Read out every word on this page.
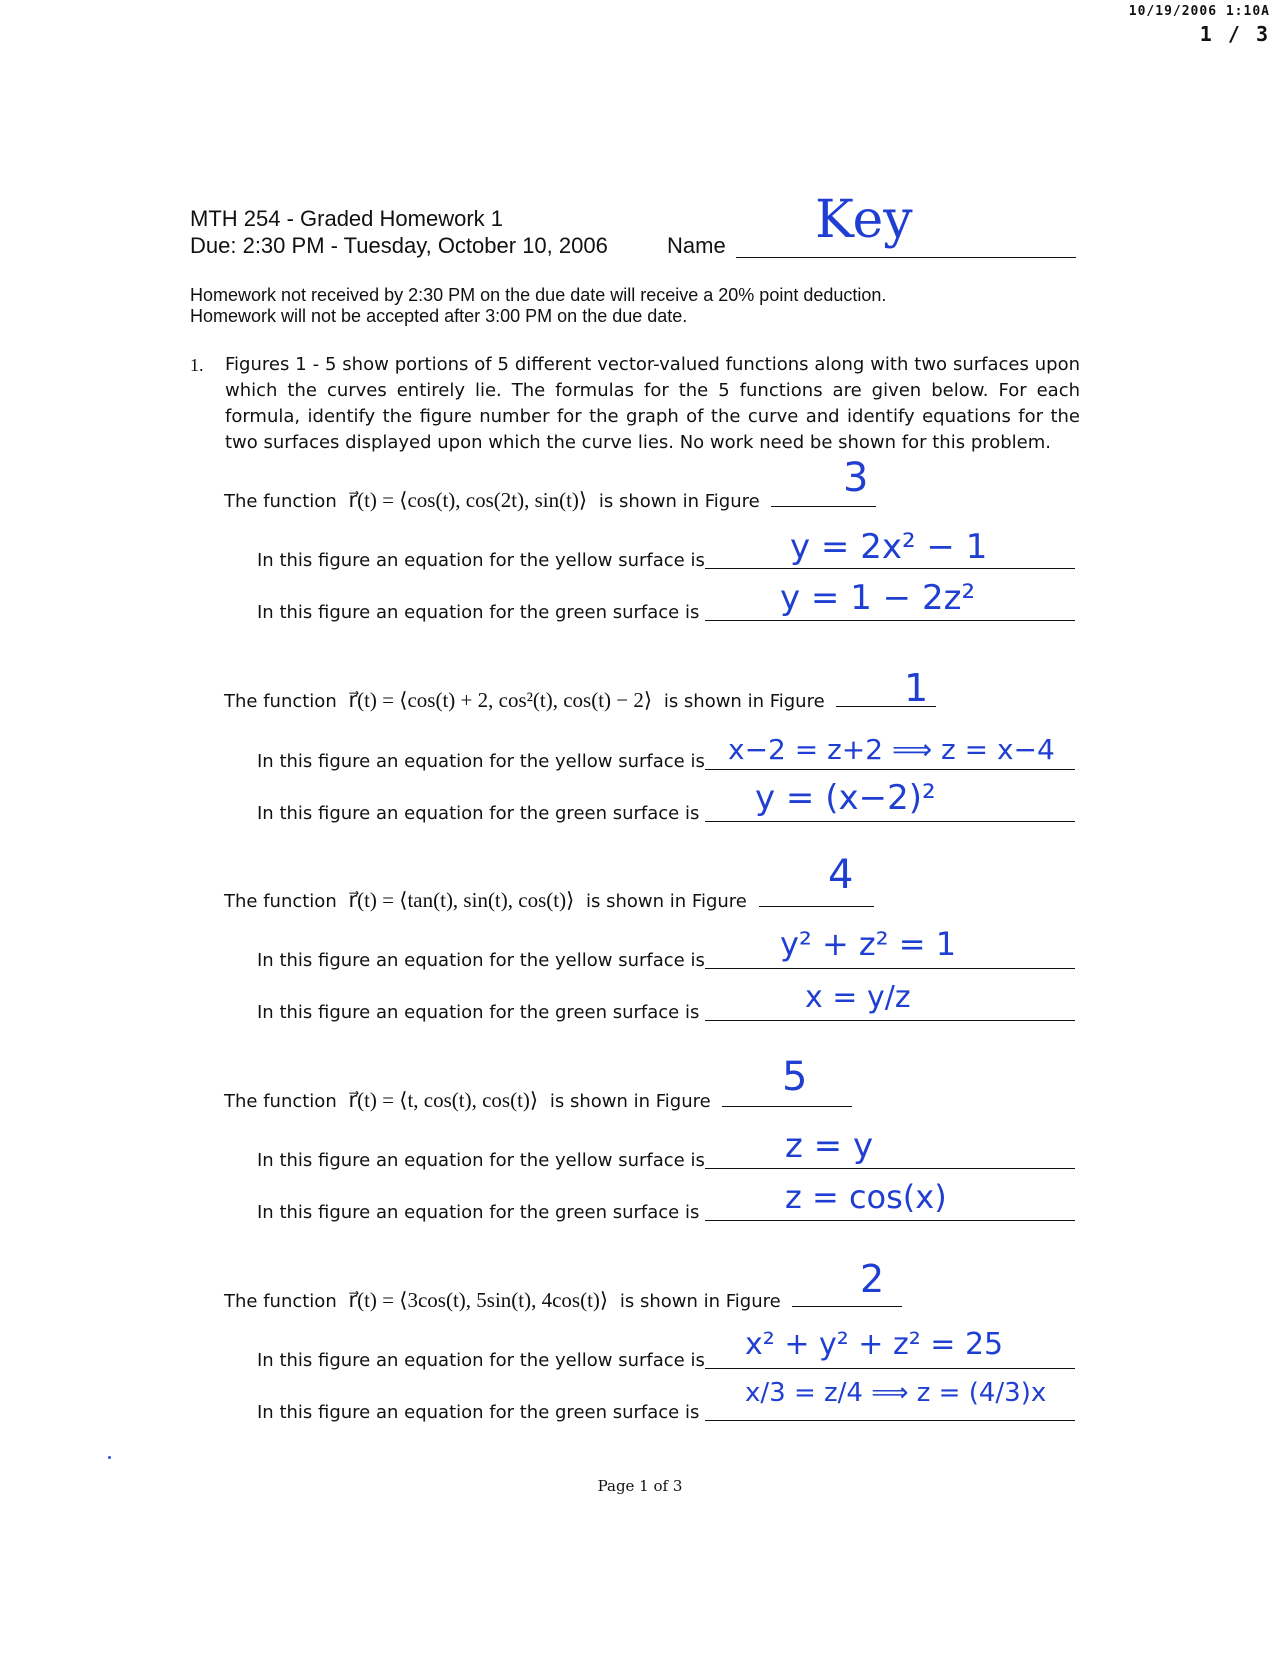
10/19/2006 1:10A
1 / 3
MTH 254 - Graded Homework 1
Due: 2:30 PM - Tuesday, October 10, 2006	Name Key
Homework not received by 2:30 PM on the due date will receive a 20% point deduction.
Homework will not be accepted after 3:00 PM on the due date.
1. Figures 1 - 5 show portions of 5 different vector-valued functions along with two surfaces upon which the curves entirely lie. The formulas for the 5 functions are given below. For each formula, identify the figure number for the graph of the curve and identify equations for the two surfaces displayed upon which the curve lies. No work need be shown for this problem.
The function r⃗(t) = ⟨cos(t), cos(2t), sin(t)⟩ is shown in Figure
3
In this figure an equation for the yellow surface is	y = 2x² − 1
In this figure an equation for the green surface is y = 1 − 2z²
The function r⃗(t) = ⟨cos(t) + 2, cos²(t), cos(t) − 2⟩ is shown in Figure	1
In this figure an equation for the yellow surface is x−2 = z+2 ⟹ z = x−4
In this figure an equation for the green surface is y = (x−2)²
The function r⃗(t) = ⟨tan(t), sin(t), cos(t)⟩ is shown in Figure
4
In this figure an equation for the yellow surface is y² + z² = 1
In this figure an equation for the green surface is	x = y/z
The function r⃗(t) = ⟨t, cos(t), cos(t)⟩ is shown in Figure
5
In this figure an equation for the yellow surface is z = y
In this figure an equation for the green surface is	z = cos(x)
The function r⃗(t) = ⟨3cos(t), 5sin(t), 4cos(t)⟩ is shown in Figure
2
In this figure an equation for the yellow surface is x² + y² + z² = 25
In this figure an equation for the green surface is
x/3 = z/4 ⟹ z = (4/3)x
Page 1 of 3
